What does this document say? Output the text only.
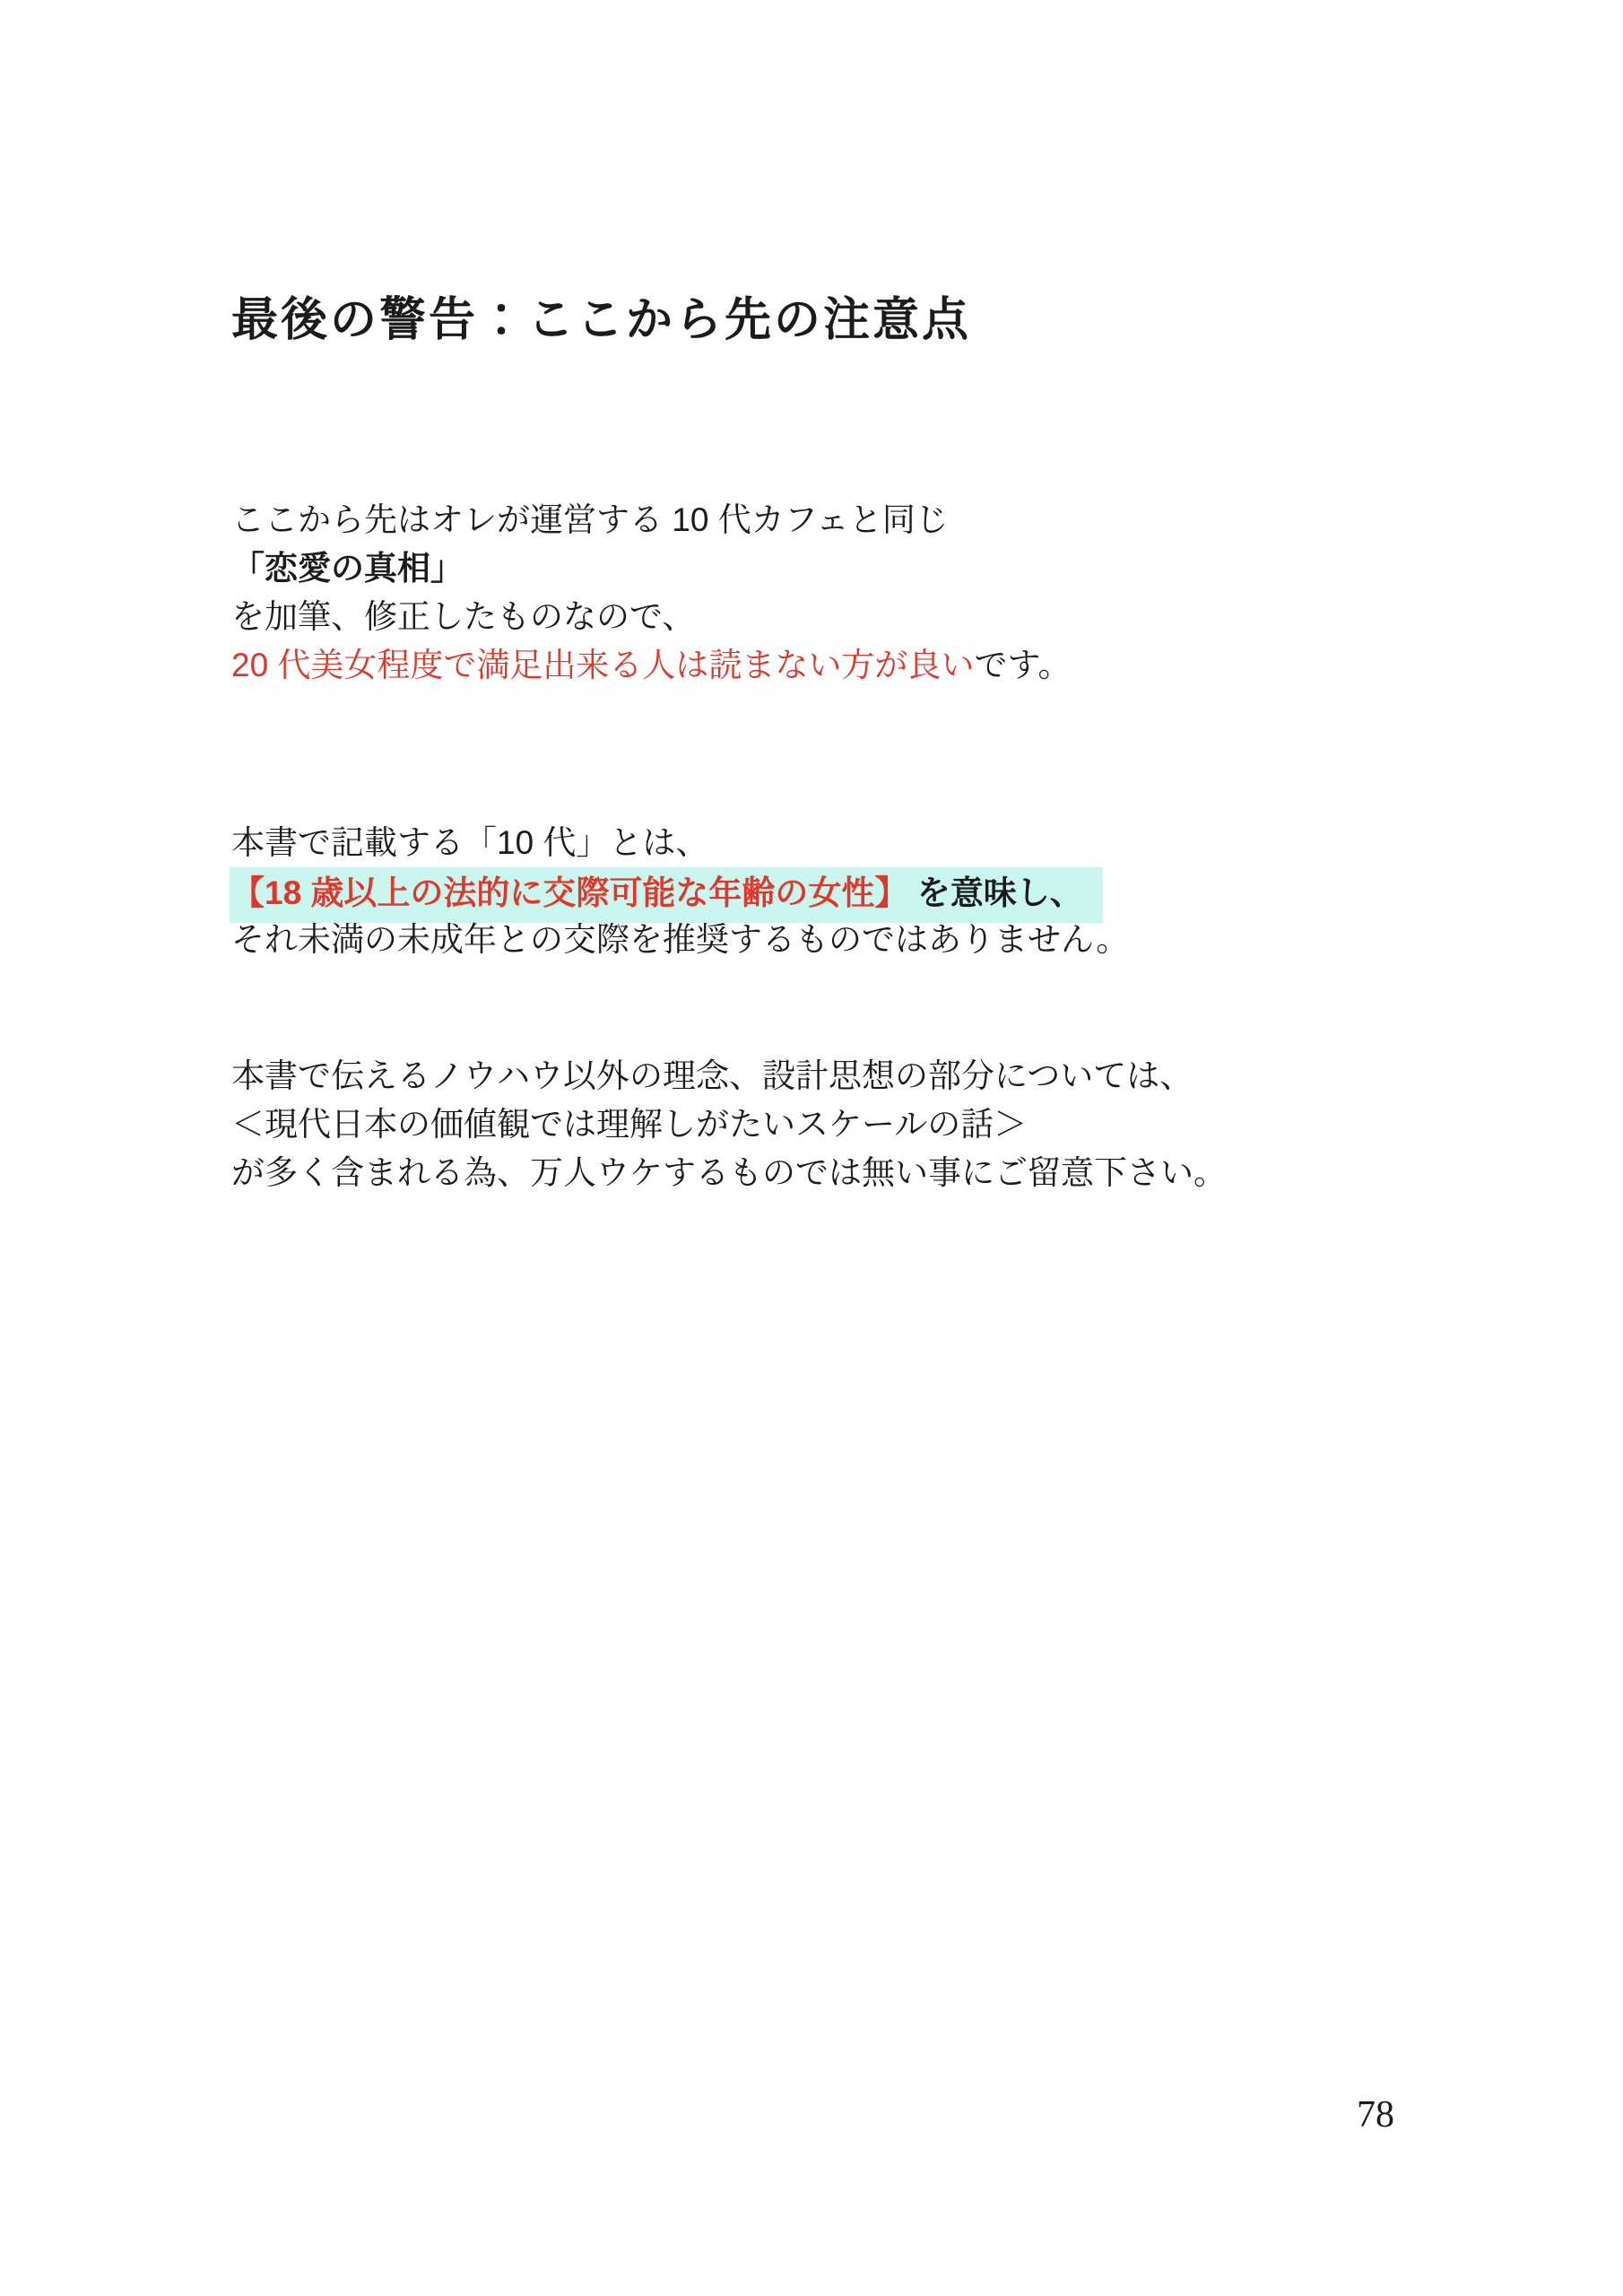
最後の警告：ここから先の注意点
ここから先はオレが運営する 10 代カフェと同じ
「恋愛の真相」
を加筆、修正したものなので、
20 代美女程度で満足出来る人は読まない方が良いです。
本書で記載する「10 代」とは、
【18 歳以上の法的に交際可能な年齢の女性】 を意味し、
それ未満の未成年との交際を推奨するものではありません。
本書で伝えるノウハウ以外の理念、設計思想の部分については、
＜現代日本の価値観では理解しがたいスケールの話＞
が多く含まれる為、万人ウケするものでは無い事にご留意下さい。
78
